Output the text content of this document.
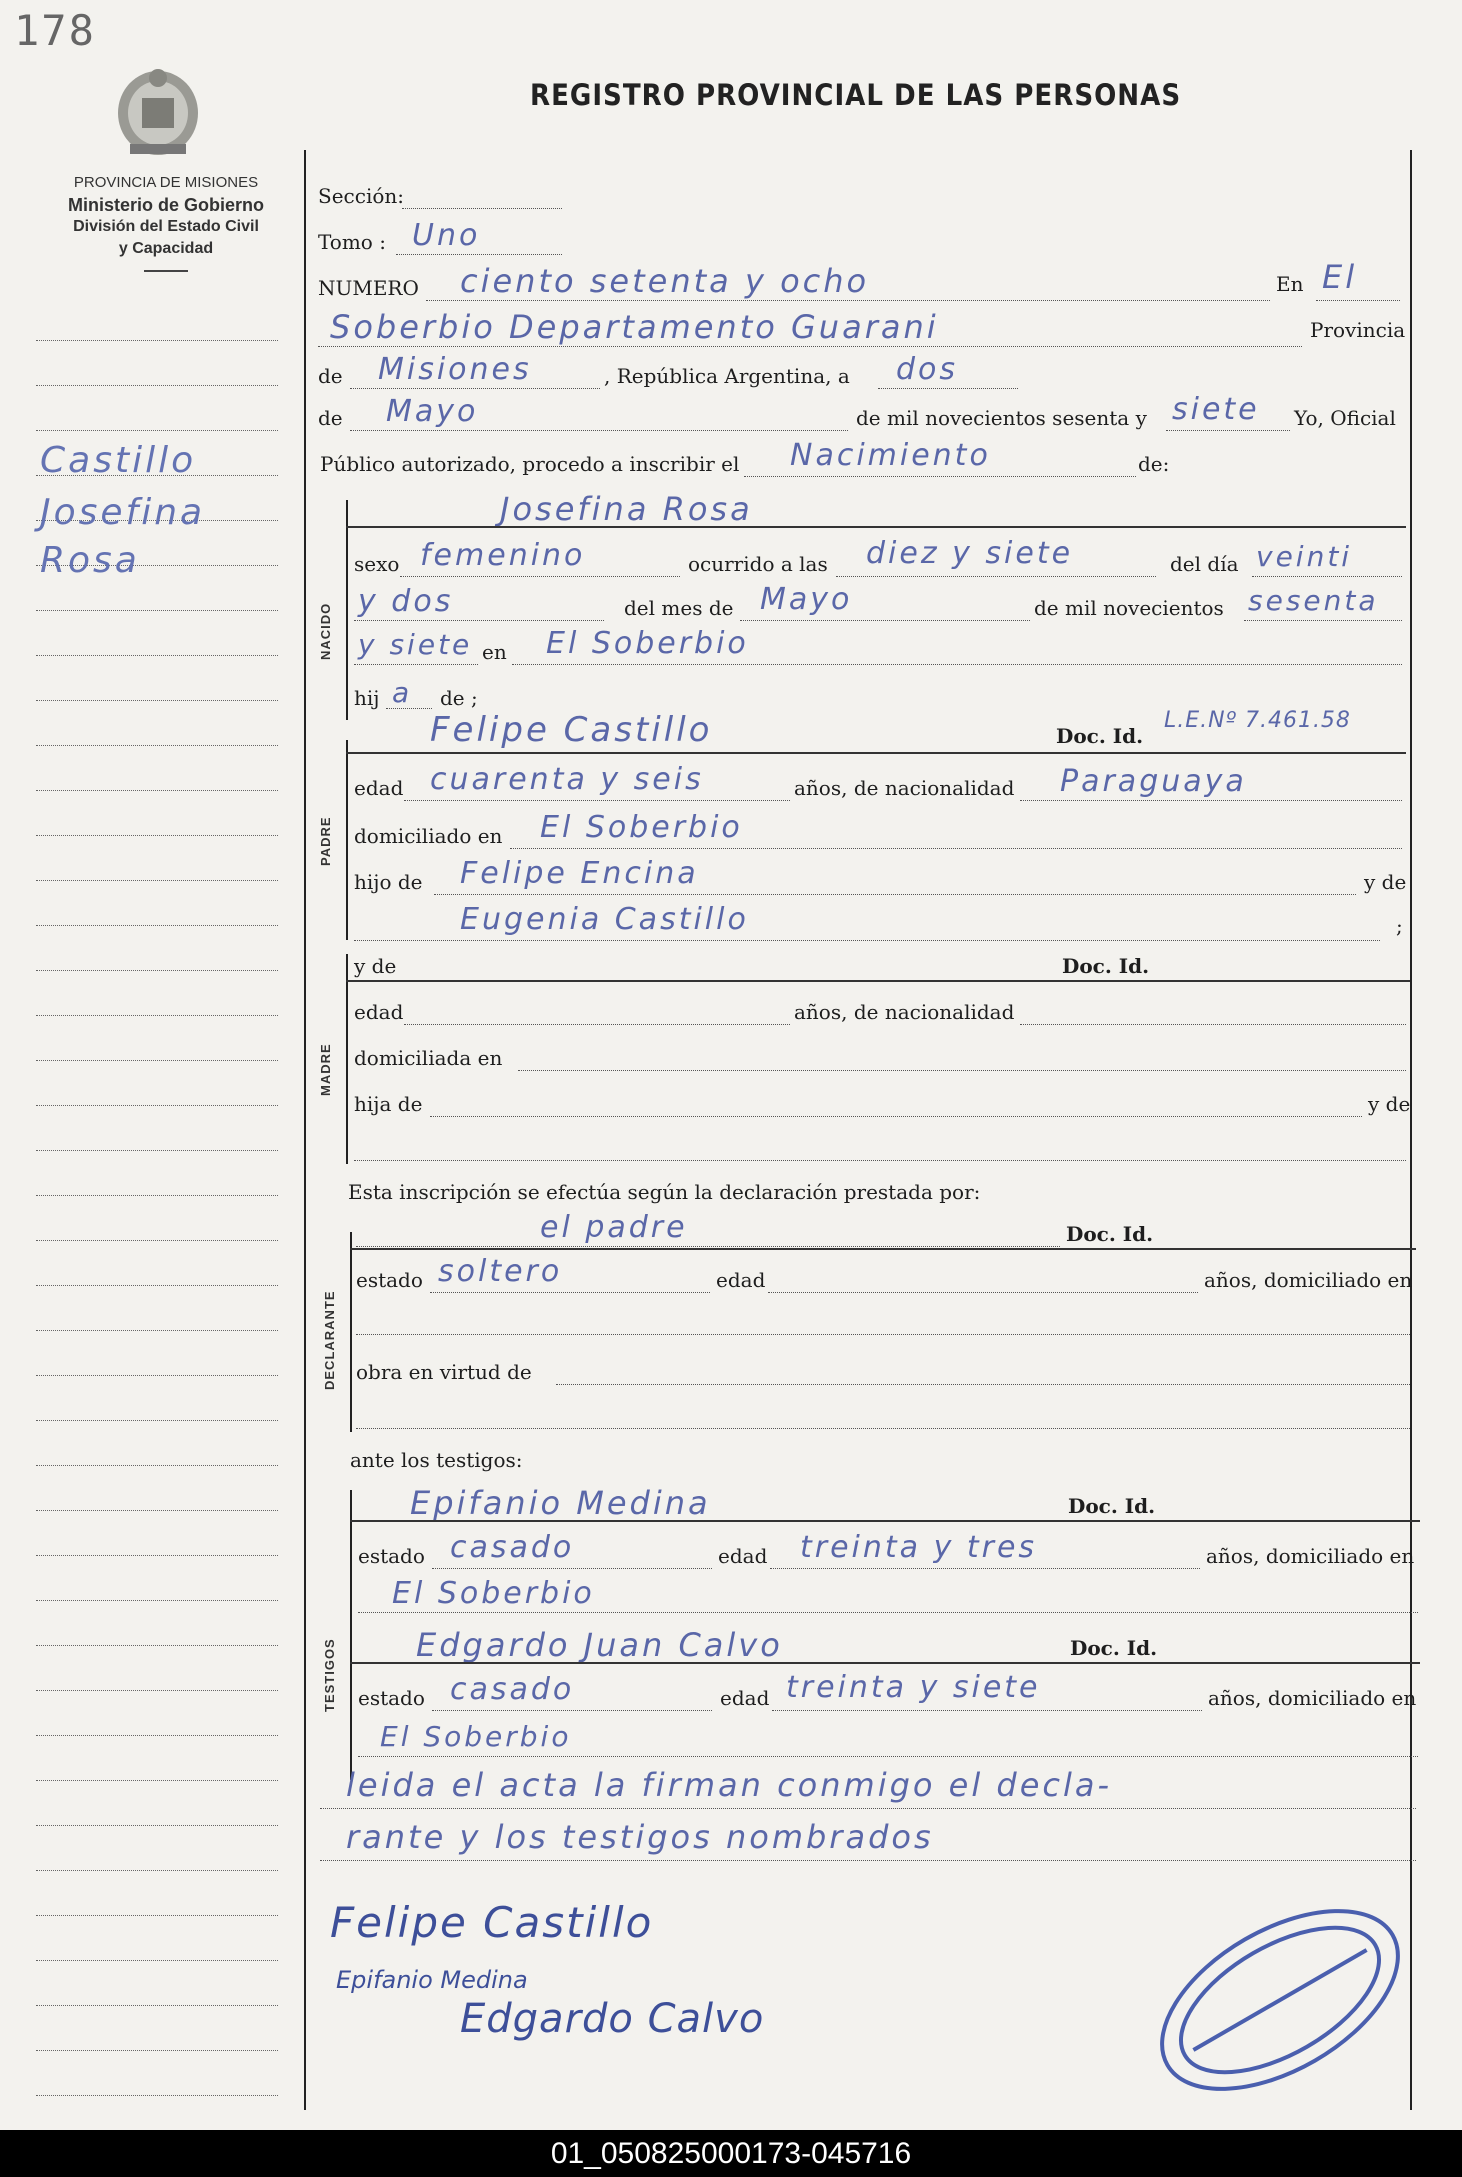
178
PROVINCIA DE MISIONES
Ministerio de Gobierno
División del Estado Civil
y Capacidad
REGISTRO PROVINCIAL DE LAS PERSONAS
Castillo
Josefina
Rosa
Sección:
Tomo : Uno
NUMERO ciento setenta y ocho	En El
Soberbio Departamento Guarani	Provincia
de Misiones	, República Argentina, a dos
de Mayo	de mil novecientos sesenta y siete Yo, Oficial
Público autorizado, procedo a inscribir el Nacimiento	de:
NACIDO
Josefina Rosa
sexo femenino	ocurrido a las diez y siete	del día veinti
y dos	del mes de Mayo	de mil novecientos sesenta
y siete en El Soberbio
hij a de ;
PADRE
Felipe Castillo	Doc. Id.
L.E.Nº 7.461.58
edad cuarenta y seis	años, de nacionalidad Paraguaya
domiciliado en El Soberbio
hijo de Felipe Encina	y de
Eugenia Castillo	;
MADRE
y de	Doc. Id.
edad	años, de nacionalidad
domiciliada en
hija de	y de
Esta inscripción se efectúa según la declaración prestada por:
DECLARANTE
el padre	Doc. Id.
estado soltero	edad	años, domiciliado en
obra en virtud de
ante los testigos:
TESTIGOS
Epifanio Medina	Doc. Id.
estado casado	edad treinta y tres	años, domiciliado en
El Soberbio
Edgardo Juan Calvo	Doc. Id.
estado casado	edad treinta y siete	años, domiciliado en
El Soberbio
leida el acta la firman conmigo el decla-
rante y los testigos nombrados
Felipe Castillo
Epifanio Medina
Edgardo Calvo
01_050825000173-045716
